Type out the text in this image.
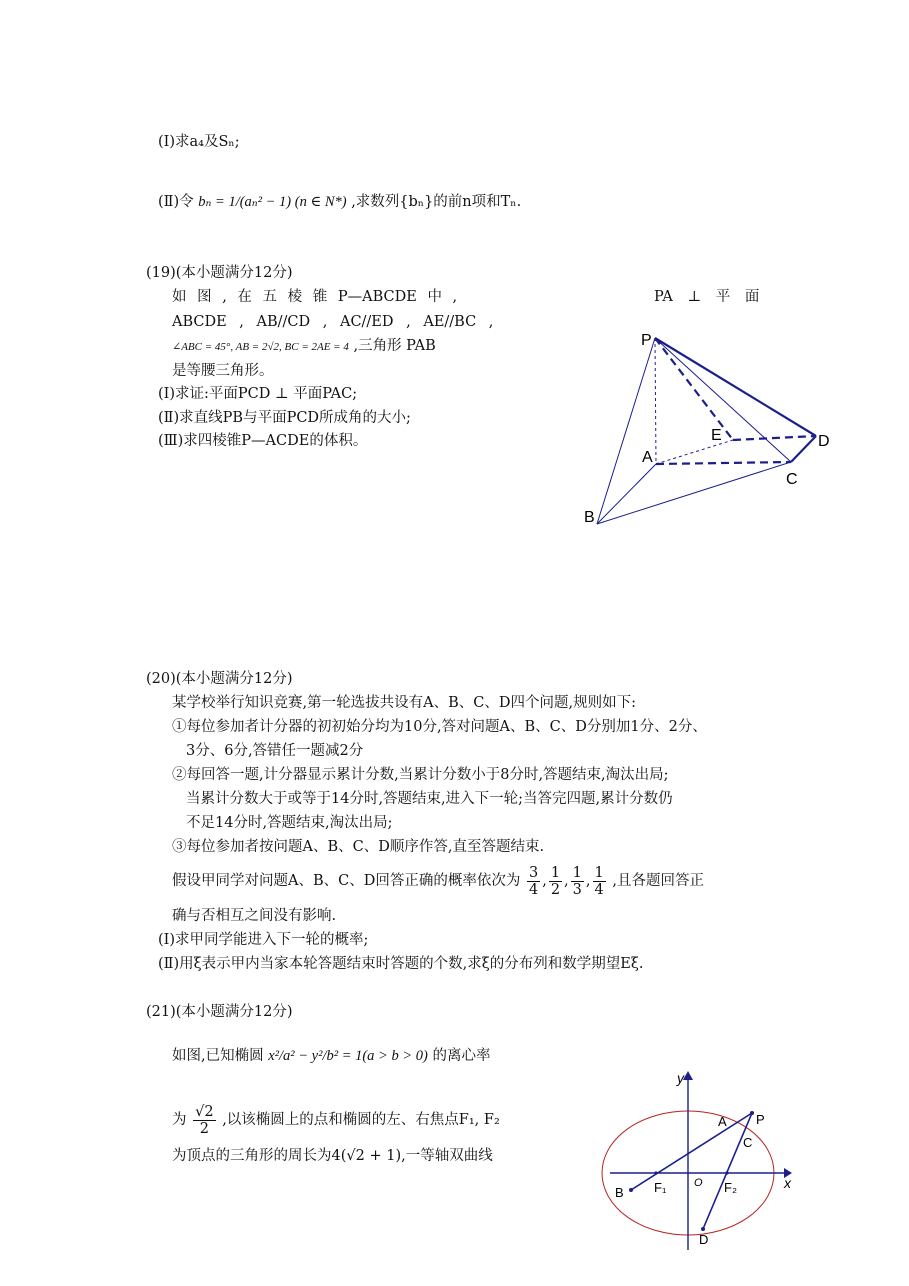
(Ⅰ)求a₄及Sₙ;
(Ⅱ)令 bₙ = 1/(aₙ² − 1) (n ∈ N*) ,求数列{bₙ}的前n项和Tₙ.
(19)(本小题满分12分)
如 图 , 在 五 棱 锥 P—ABCDE 中 ,	PA ⊥ 平 面
ABCDE , AB//CD , AC//ED , AE//BC ,
∠ABC = 45°, AB = 2√2, BC = 2AE = 4 ,三角形 PAB
是等腰三角形。
(Ⅰ)求证:平面PCD ⊥ 平面PAC;
(Ⅱ)求直线PB与平面PCD所成角的大小;
(Ⅲ)求四棱锥P—ACDE的体积。
P
A
B
C
D
E
(20)(本小题满分12分)
某学校举行知识竞赛,第一轮选拔共设有A、B、C、D四个问题,规则如下:
①每位参加者计分器的初初始分均为10分,答对问题A、B、C、D分别加1分、2分、
3分、6分,答错任一题减2分
②每回答一题,计分器显示累计分数,当累计分数小于8分时,答题结束,淘汰出局;
当累计分数大于或等于14分时,答题结束,进入下一轮;当答完四题,累计分数仍
不足14分时,答题结束,淘汰出局;
③每位参加者按问题A、B、C、D顺序作答,直至答题结束.
假设甲同学对问题A、B、C、D回答正确的概率依次为 $\frac{3}{4}$ , $\frac{1}{2}$ , $\frac{1}{3}$ , $\frac{1}{4}$ ,且各题回答正
确与否相互之间没有影响.
(Ⅰ)求甲同学能进入下一轮的概率;
(Ⅱ)用ξ表示甲内当家本轮答题结束时答题的个数,求ξ的分布列和数学期望Eξ.
(21)(本小题满分12分)
如图,已知椭圆 x²/a² − y²/b² = 1(a > b > 0) 的离心率
为 $\frac{√2}{2}$ ,以该椭圆上的点和椭圆的左、右焦点F₁, F₂
为顶点的三角形的周长为4(√2 + 1),一等轴双曲线
y
x
O
A P
C
B F₁	F₂
D
